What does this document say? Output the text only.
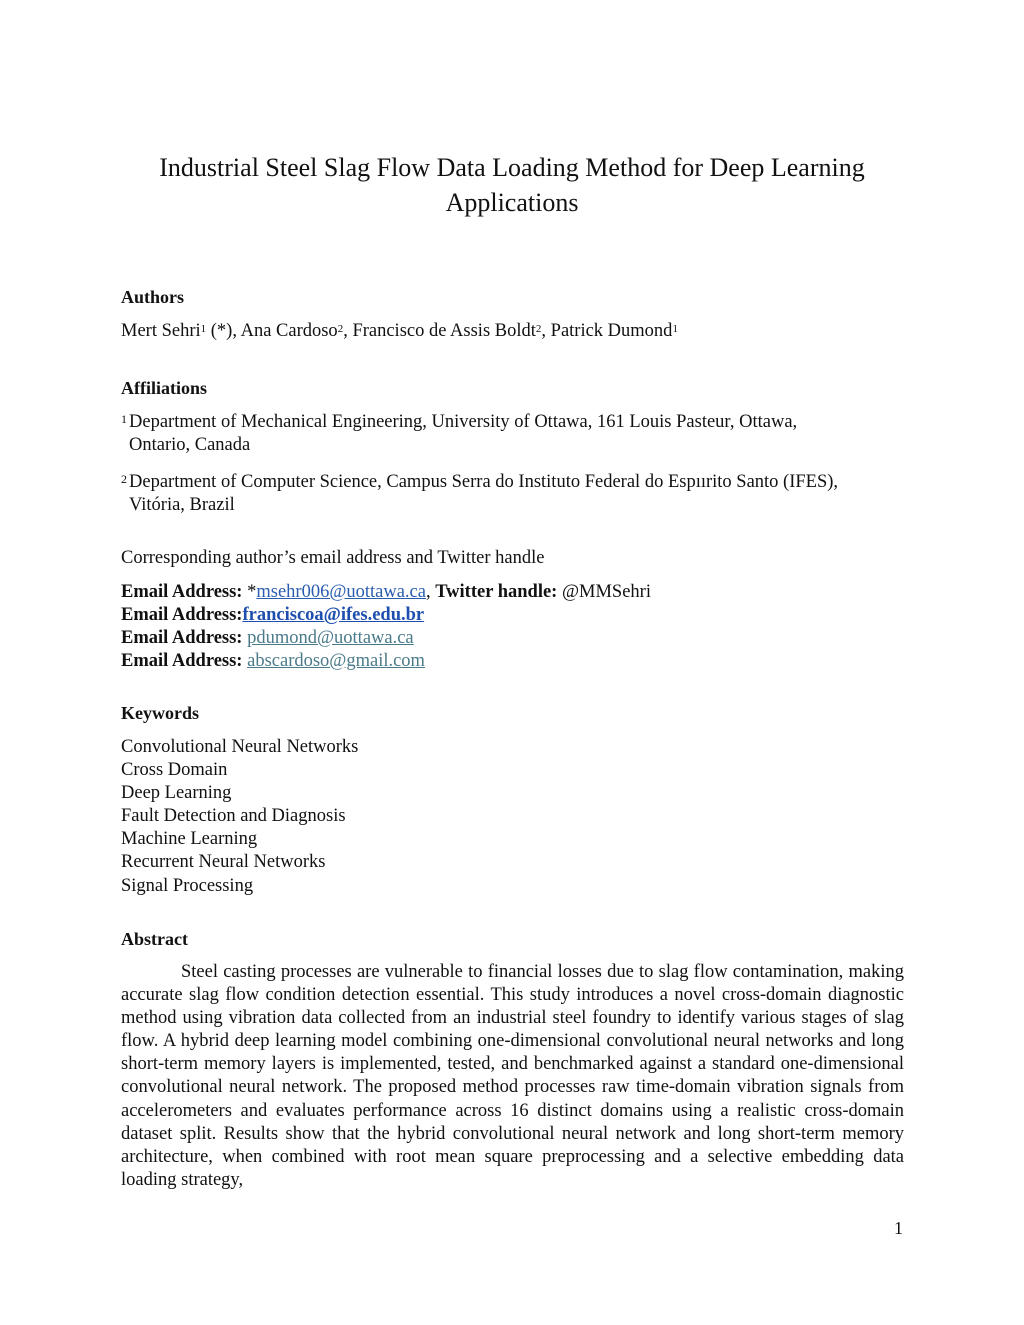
Industrial Steel Slag Flow Data Loading Method for Deep Learning
Applications

Authors

Mert Sehri$^1$ (*), Ana Cardoso$^2$, Francisco de Assis Boldt$^2$, Patrick Dumond$^1$

Affiliations

$^1$ Department of Mechanical Engineering, University of Ottawa, 161 Louis Pasteur, Ottawa,

Ontario, Canada

$^2$ Department of Computer Science, Campus Serra do Instituto Federal do Espıırito Santo (IFES),

Vitória, Brazil

Corresponding author’s email address and Twitter handle

Email Address: *msehr006@uottawa.ca, Twitter handle: @MMSehri

Email Address:franciscoa@ifes.edu.br

Email Address: pdumond@uottawa.ca

Email Address: abscardoso@gmail.com

Keywords

Convolutional Neural Networks
Cross Domain
Deep Learning
Fault Detection and Diagnosis
Machine Learning
Recurrent Neural Networks
Signal Processing

Abstract

Steel casting processes are vulnerable to financial losses due to slag flow contamination, making accurate slag flow condition detection essential. This study introduces a novel cross-domain diagnostic method using vibration data collected from an industrial steel foundry to identify various stages of slag flow. A hybrid deep learning model combining one-dimensional convolutional neural networks and long short-term memory layers is implemented, tested, and benchmarked against a standard one-dimensional convolutional neural network. The proposed method processes raw time-domain vibration signals from accelerometers and evaluates performance across 16 distinct domains using a realistic cross-domain dataset split. Results show that the hybrid convolutional neural network and long short-term memory architecture, when combined with root mean square preprocessing and a selective embedding data loading strategy,

1
